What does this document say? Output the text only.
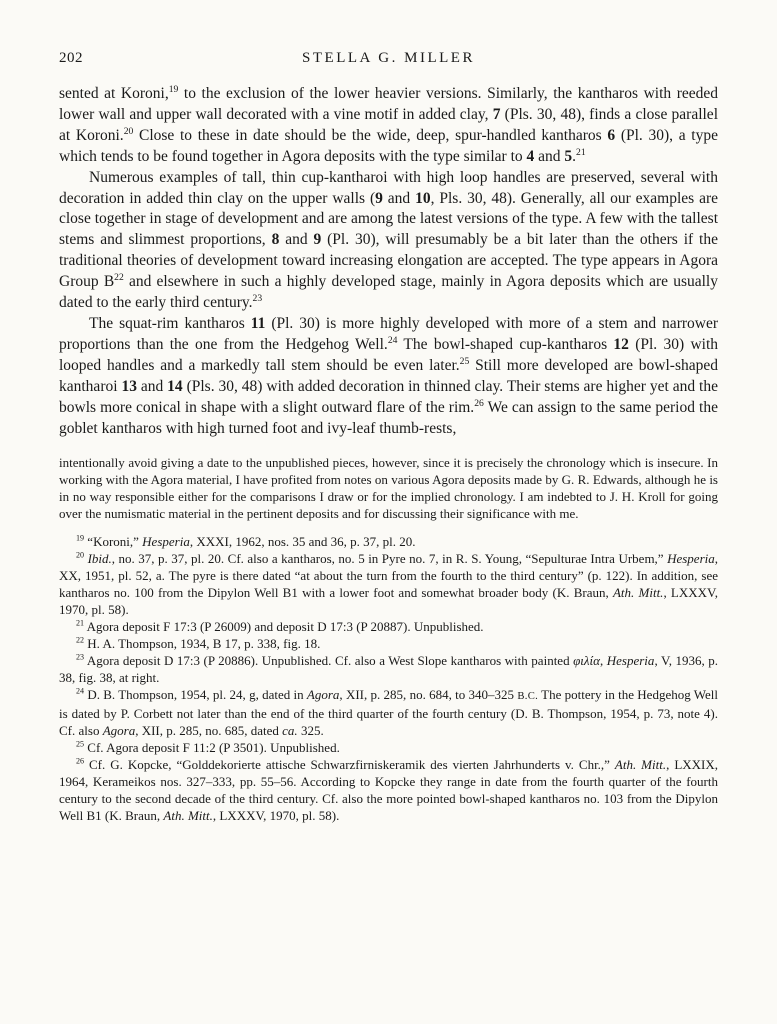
202	STELLA G. MILLER

sented at Koroni,$^{19}$ to the exclusion of the lower heavier versions. Similarly, the kantharos with reeded lower wall and upper wall decorated with a vine motif in added clay, 7 (Pls. 30, 48), finds a close parallel at Koroni.$^{20}$ Close to these in date should be the wide, deep, spur-handled kantharos 6 (Pl. 30), a type which tends to be found together in Agora deposits with the type similar to 4 and 5.21

Numerous examples of tall, thin cup-kantharoi with high loop handles are preserved, several with decoration in added thin clay on the upper walls (9 and 10, Pls. 30, 48). Generally, all our examples are close together in stage of development and are among the latest versions of the type. A few with the tallest stems and slimmest proportions, 8 and 9 (Pl. 30), will presumably be a bit later than the others if the traditional theories of development toward increasing elongation are accepted. The type appears in Agora Group $B^{22}$ and elsewhere in such a highly developed stage, mainly in Agora deposits which are usually dated to the early third century.$^{23}$

The squat-rim kantharos 11 (Pl. 30) is more highly developed with more of a stem and narrower proportions than the one from the Hedgehog Well.$^{24}$ The bowl-shaped cup-kantharos 12 (Pl. 30) with looped handles and a markedly tall stem should be even later.$^{25}$ Still more developed are bowl-shaped kantharoi 13 and 14 (Pls. 30, 48) with added decoration in thinned clay. Their stems are higher yet and the bowls more conical in shape with a slight outward flare of the rim.$^{26}$ We can assign to the same period the goblet kantharos with high turned foot and ivy-leaf thumb-rests,

intentionally avoid giving a date to the unpublished pieces, however, since it is precisely the chronology which is insecure. In working with the Agora material, I have profited from notes on various Agora deposits made by G. R. Edwards, although he is in no way responsible either for the comparisons I draw or for the implied chronology. I am indebted to J. H. Kroll for going over the numismatic material in the pertinent deposits and for discussing their significance with me.

$^{19}$ “Koroni,” Hesperia, XXXI, 1962, nos. 35 and 36, p. 37, pl. 20.

$^{20}$ Ibid., no. 37, p. 37, pl. 20. Cf. also a kantharos, no. 5 in Pyre no. 7, in R. S. Young, “Sepulturae Intra Urbem,” Hesperia, XX, 1951, pl. 52, a. The pyre is there dated “at about the turn from the fourth to the third century” (p. 122). In addition, see kantharos no. 100 from the Dipylon Well B1 with a lower foot and somewhat broader body (K. Braun, Ath. Mitt., LXXXV, 1970, pl. 58).

$^{21}$ Agora deposit F 17:3 (P 26009) and deposit D 17:3 (P 20887). Unpublished.

$^{22}$ H. A. Thompson, 1934, B 17, p. 338, fig. 18.

$^{23}$ Agora deposit D 17:3 (P 20886). Unpublished. Cf. also a West Slope kantharos with painted φιλία, Hesperia, V, 1936, p. 38, fig. 38, at right.

$^{24}$ D. B. Thompson, 1954, pl. 24, g, dated in Agora, XII, p. 285, no. 684, to 340–325 B.C. The pottery in the Hedgehog Well is dated by P. Corbett not later than the end of the third quarter of the fourth century (D. B. Thompson, 1954, p. 73, note 4). Cf. also Agora, XII, p. 285, no. 685, dated ca. 325.

$^{25}$ Cf. Agora deposit F 11:2 (P 3501). Unpublished.

$^{26}$ Cf. G. Kopcke, “Golddekorierte attische Schwarzfirniskeramik des vierten Jahrhunderts v. Chr.,” Ath. Mitt., LXXIX, 1964, Kerameikos nos. 327–333, pp. 55–56. According to Kopcke they range in date from the fourth quarter of the fourth century to the second decade of the third century. Cf. also the more pointed bowl-shaped kantharos no. 103 from the Dipylon Well B1 (K. Braun, Ath. Mitt., LXXXV, 1970, pl. 58).
